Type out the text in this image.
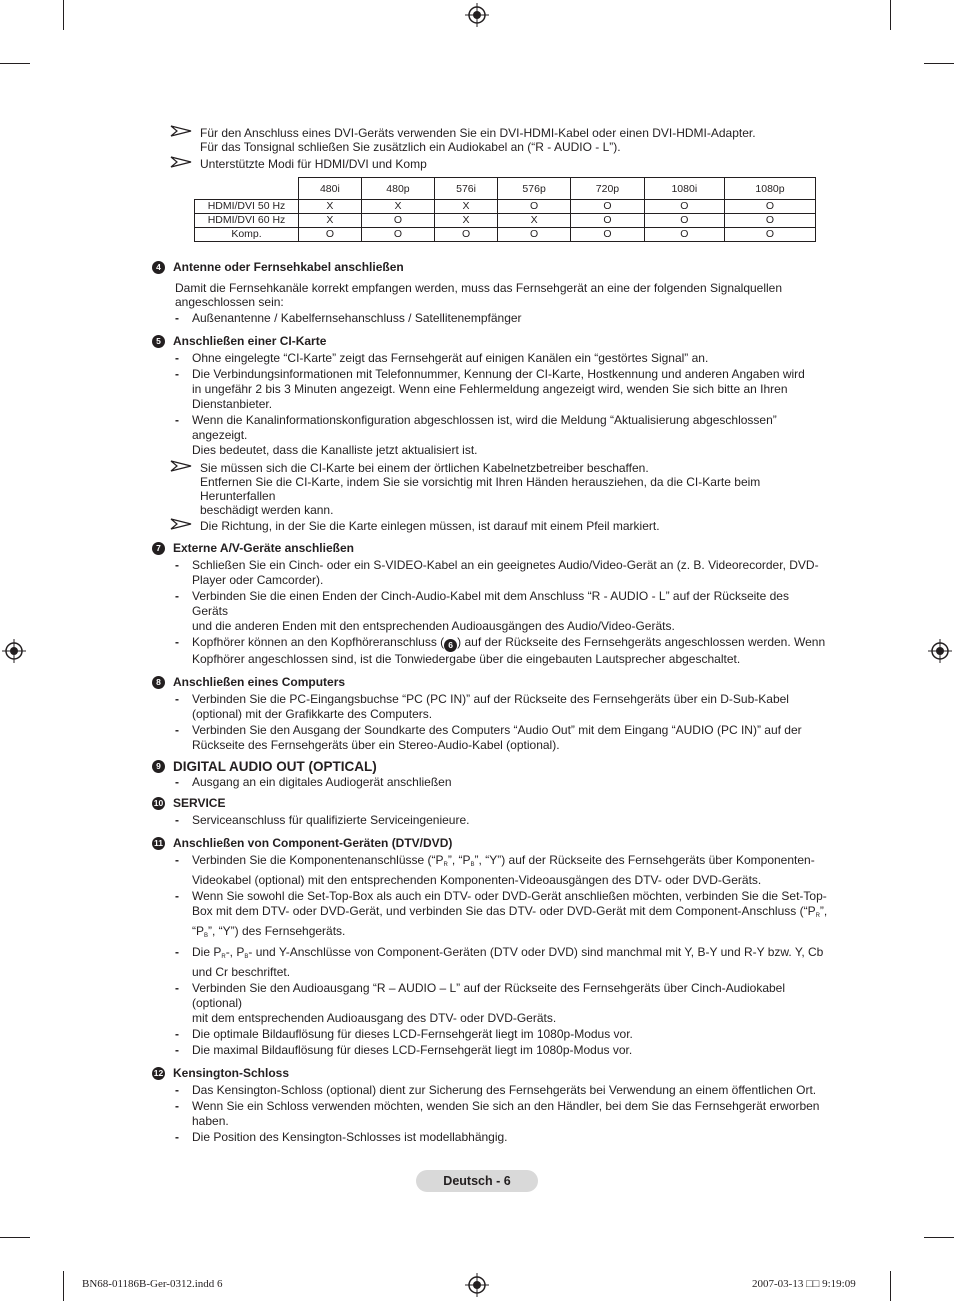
Für den Anschluss eines DVI-Geräts verwenden Sie ein DVI-HDMI-Kabel oder einen DVI-HDMI-Adapter.
Für das Tonsignal schließen Sie zusätzlich ein Audiokabel an (“R - AUDIO - L”).
Unterstützte Modi für HDMI/DVI und Komp
	480i	480p	576i	576p	720p	1080i	1080p
HDMI/DVI 50 Hz	X	X	X	O	O	O	O
HDMI/DVI 60 Hz	X	O	X	X	O	O	O
Komp.	O	O	O	O	O	O	O
4	Antenne oder Fernsehkabel anschließen
Damit die Fernsehkanäle korrekt empfangen werden, muss das Fernsehgerät an eine der folgenden Signalquellen
angeschlossen sein:
- Außenantenne / Kabelfernsehanschluss / Satellitenempfänger
5	Anschließen einer CI-Karte
- Ohne eingelegte “CI-Karte” zeigt das Fernsehgerät auf einigen Kanälen ein “gestörtes Signal” an.
- Die Verbindungsinformationen mit Telefonnummer, Kennung der CI-Karte, Hostkennung und anderen Angaben wird
in ungefähr 2 bis 3 Minuten angezeigt. Wenn eine Fehlermeldung angezeigt wird, wenden Sie sich bitte an Ihren
Dienstanbieter.
- Wenn die Kanalinformationskonfiguration abgeschlossen ist, wird die Meldung “Aktualisierung abgeschlossen” angezeigt.
Dies bedeutet, dass die Kanalliste jetzt aktualisiert ist.
Sie müssen sich die CI-Karte bei einem der örtlichen Kabelnetzbetreiber beschaffen.
Entfernen Sie die CI-Karte, indem Sie sie vorsichtig mit Ihren Händen herausziehen, da die CI-Karte beim Herunterfallen
beschädigt werden kann.
Die Richtung, in der Sie die Karte einlegen müssen, ist darauf mit einem Pfeil markiert.
7	Externe A/V-Geräte anschließen
- Schließen Sie ein Cinch- oder ein S-VIDEO-Kabel an ein geeignetes Audio/Video-Gerät an (z. B. Videorecorder, DVD-
Player oder Camcorder).
- Verbinden Sie die einen Enden der Cinch-Audio-Kabel mit dem Anschluss “R - AUDIO - L” auf der Rückseite des Geräts
und die anderen Enden mit den entsprechenden Audioausgängen des Audio/Video-Geräts.
- Kopfhörer können an den Kopfhöreranschluss ( 6 ) auf der Rückseite des Fernsehgeräts angeschlossen werden. Wenn
Kopfhörer angeschlossen sind, ist die Tonwiedergabe über die eingebauten Lautsprecher abgeschaltet.
8	Anschließen eines Computers
- Verbinden Sie die PC-Eingangsbuchse “PC (PC IN)” auf der Rückseite des Fernsehgeräts über ein D-Sub-Kabel
(optional) mit der Grafikkarte des Computers.
- Verbinden Sie den Ausgang der Soundkarte des Computers “Audio Out” mit dem Eingang “AUDIO (PC IN)” auf der
Rückseite des Fernsehgeräts über ein Stereo-Audio-Kabel (optional).
9 DIGITAL AUDIO OUT (OPTICAL)
- Ausgang an ein digitales Audiogerät anschließen
10 SERVICE
- Serviceanschluss für qualifizierte Serviceingenieure.
11 Anschließen von Component-Geräten (DTV/DVD)
- Verbinden Sie die Komponentenanschlüsse (“$P_R$”, “$P_B$”, “Y”) auf der Rückseite des Fernsehgeräts über Komponenten-
Videokabel (optional) mit den entsprechenden Komponenten-Videoausgängen des DTV- oder DVD-Geräts.
- Wenn Sie sowohl die Set-Top-Box als auch ein DTV- oder DVD-Gerät anschließen möchten, verbinden Sie die Set-Top-
Box mit dem DTV- oder DVD-Gerät, und verbinden Sie das DTV- oder DVD-Gerät mit dem Component-Anschluss (“$P_R$”,
“$P_B$”, “Y”) des Fernsehgeräts.
- Die $P_R-$, $P_B-$ und Y-Anschlüsse von Component-Geräten (DTV oder DVD) sind manchmal mit Y, B-Y und R-Y bzw. Y, Cb
und Cr beschriftet.
- Verbinden Sie den Audioausgang “R – AUDIO – L” auf der Rückseite des Fernsehgeräts über Cinch-Audiokabel (optional)
mit dem entsprechenden Audioausgang des DTV- oder DVD-Geräts.
- Die optimale Bildauflösung für dieses LCD-Fernsehgerät liegt im 1080p-Modus vor.
- Die maximal Bildauflösung für dieses LCD-Fernsehgerät liegt im 1080p-Modus vor.
12 Kensington-Schloss
- Das Kensington-Schloss (optional) dient zur Sicherung des Fernsehgeräts bei Verwendung an einem öffentlichen Ort.
- Wenn Sie ein Schloss verwenden möchten, wenden Sie sich an den Händler, bei dem Sie das Fernsehgerät erworben
haben.
- Die Position des Kensington-Schlosses ist modellabhängig.
Deutsch - 6
BN68-01186B-Ger-0312.indd 6	2007-03-13 □□ 9:19:09
